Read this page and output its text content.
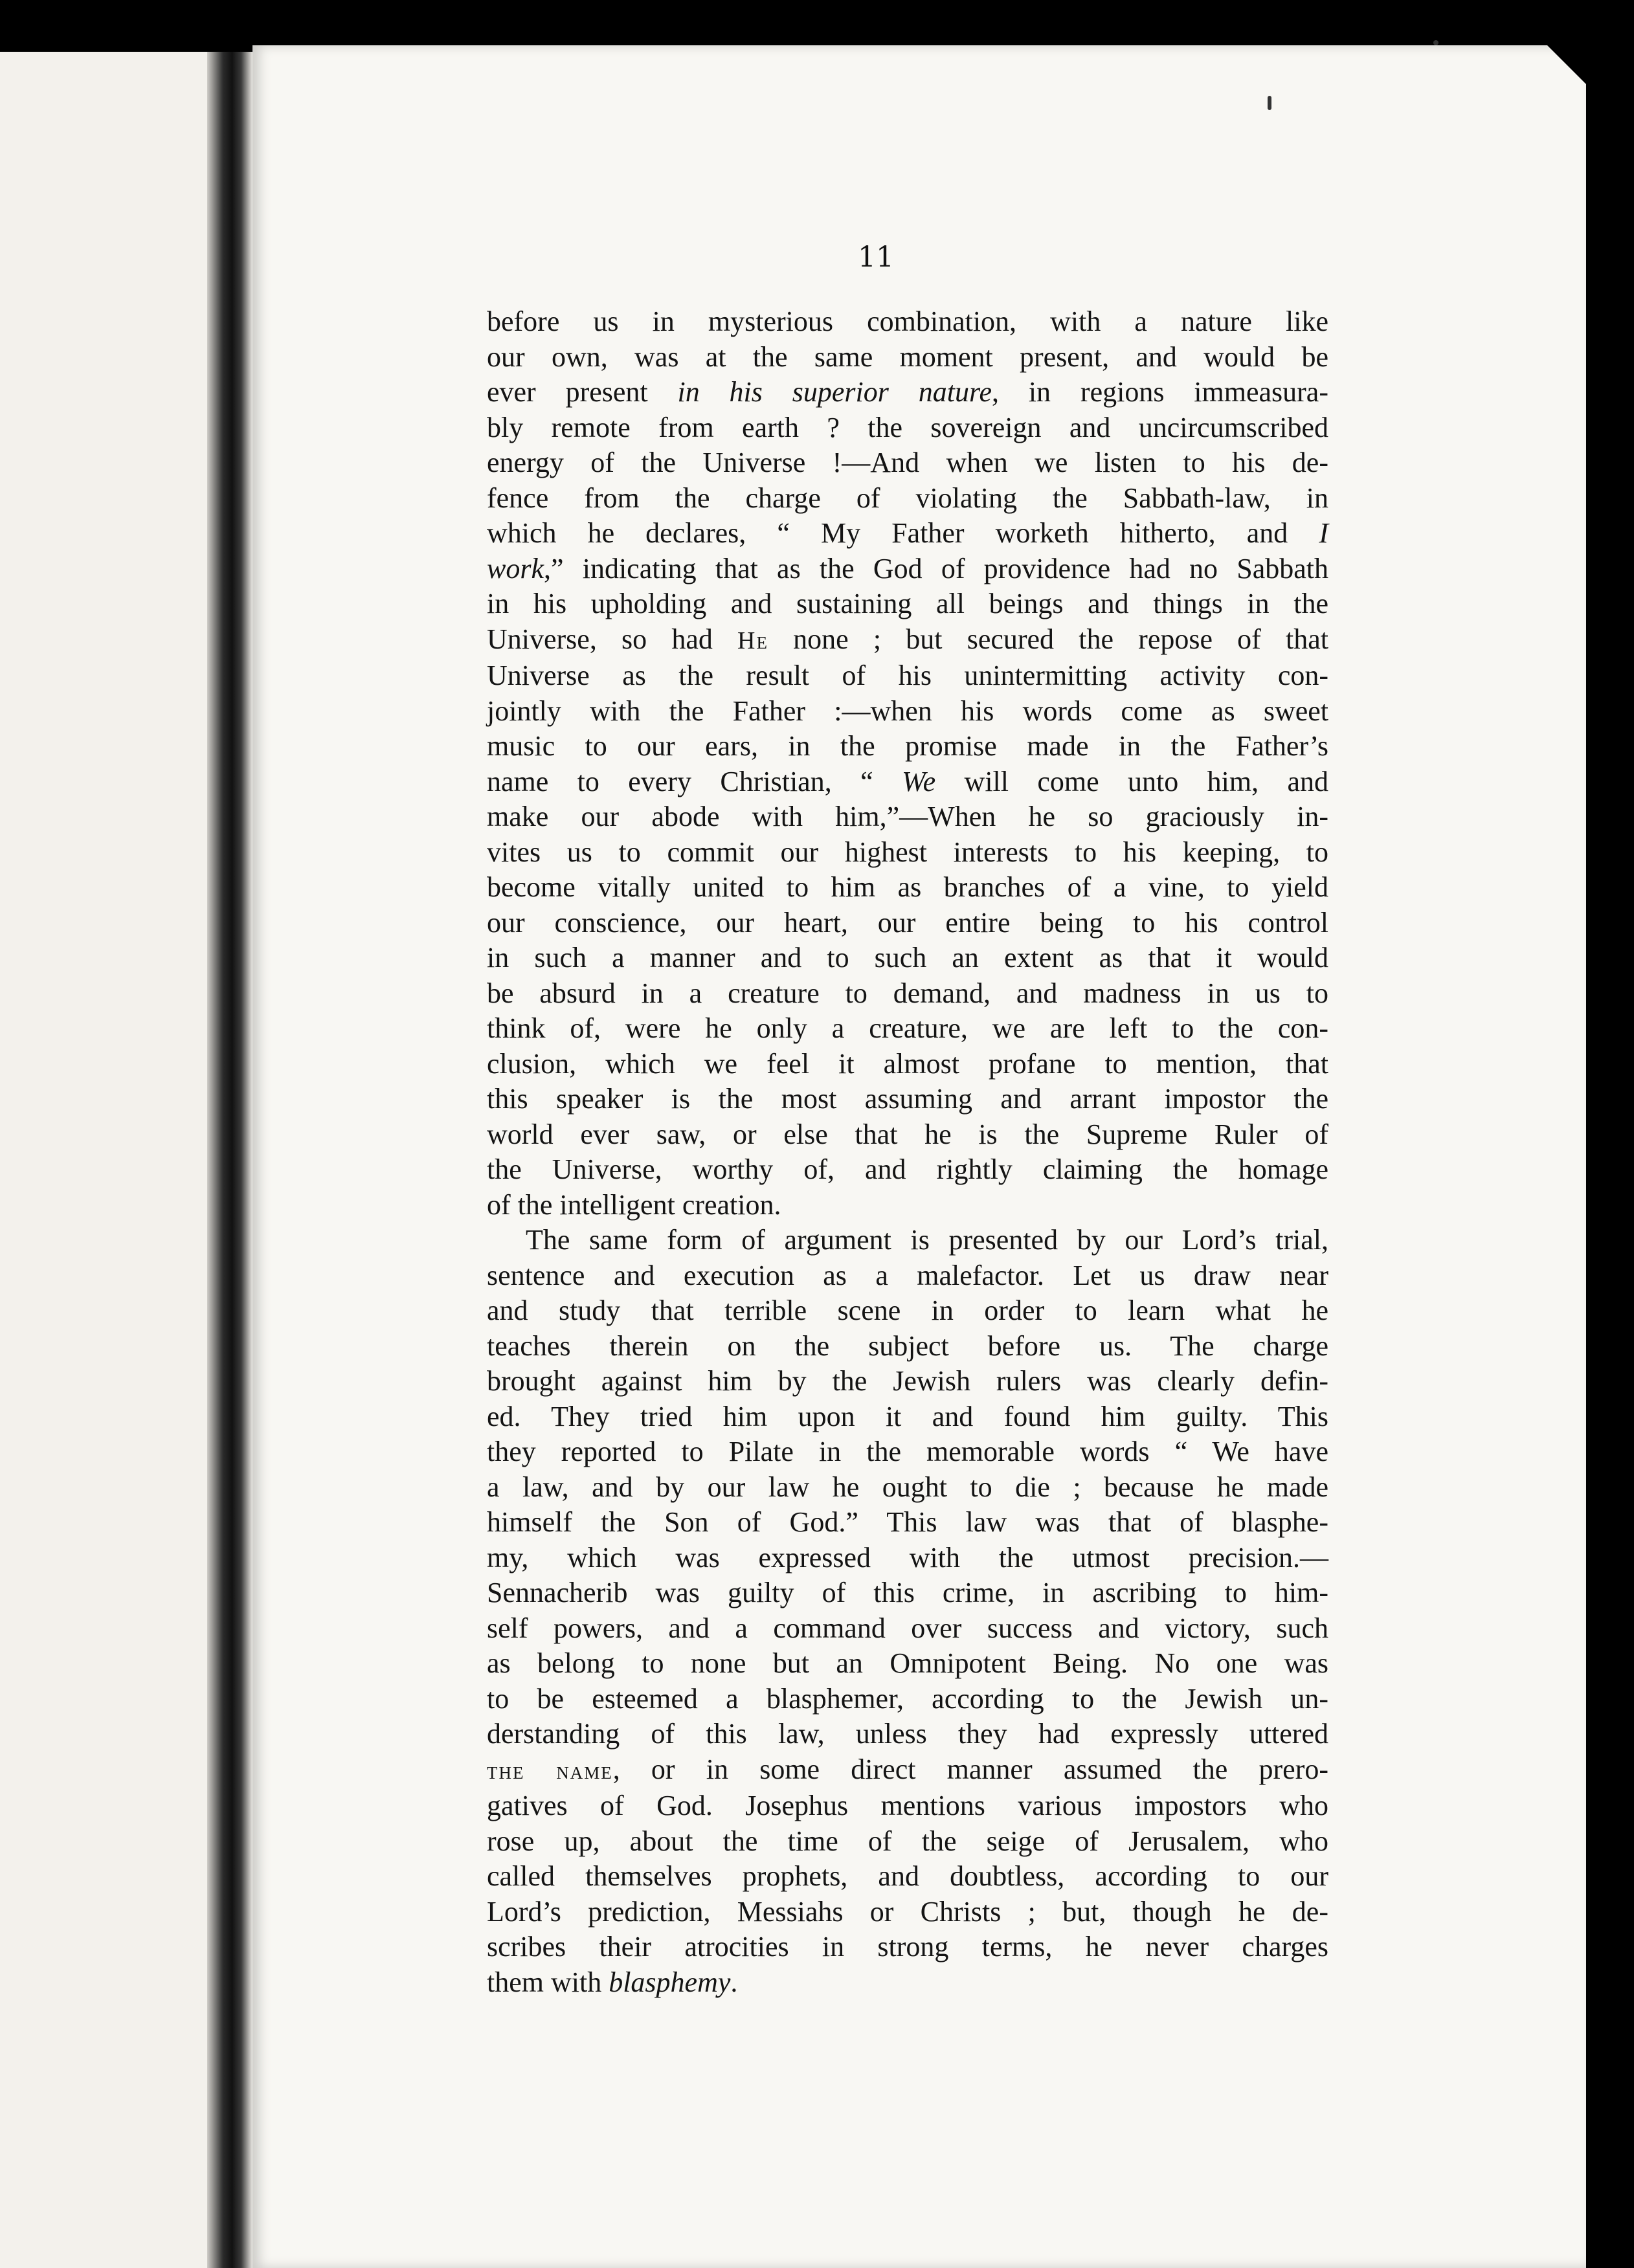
11
before us in mysterious combination, with a nature like
our own, was at the same moment present, and would be
ever present in his superior nature, in regions immeasura-
bly remote from earth ? the sovereign and uncircumscribed
energy of the Universe !—And when we listen to his de-
fence from the charge of violating the Sabbath-law, in
which he declares, “ My Father worketh hitherto, and I
work,” indicating that as the God of providence had no Sabbath
in his upholding and sustaining all beings and things in the
Universe, so had He none ; but secured the repose of that
Universe as the result of his unintermitting activity con-
jointly with the Father :—when his words come as sweet
music to our ears, in the promise made in the Father’s
name to every Christian, “ We will come unto him, and
make our abode with him,”—When he so graciously in-
vites us to commit our highest interests to his keeping, to
become vitally united to him as branches of a vine, to yield
our conscience, our heart, our entire being to his control
in such a manner and to such an extent as that it would
be absurd in a creature to demand, and madness in us to
think of, were he only a creature, we are left to the con-
clusion, which we feel it almost profane to mention, that
this speaker is the most assuming and arrant impostor the
world ever saw, or else that he is the Supreme Ruler of
the Universe, worthy of, and rightly claiming the homage
of the intelligent creation.
The same form of argument is presented by our Lord’s trial,
sentence and execution as a malefactor. Let us draw near
and study that terrible scene in order to learn what he
teaches therein on the subject before us. The charge
brought against him by the Jewish rulers was clearly defin-
ed. They tried him upon it and found him guilty. This
they reported to Pilate in the memorable words “ We have
a law, and by our law he ought to die ; because he made
himself the Son of God.” This law was that of blasphe-
my, which was expressed with the utmost precision.—
Sennacherib was guilty of this crime, in ascribing to him-
self powers, and a command over success and victory, such
as belong to none but an Omnipotent Being. No one was
to be esteemed a blasphemer, according to the Jewish un-
derstanding of this law, unless they had expressly uttered
the name, or in some direct manner assumed the prero-
gatives of God. Josephus mentions various impostors who
rose up, about the time of the seige of Jerusalem, who
called themselves prophets, and doubtless, according to our
Lord’s prediction, Messiahs or Christs ; but, though he de-
scribes their atrocities in strong terms, he never charges
them with blasphemy.
